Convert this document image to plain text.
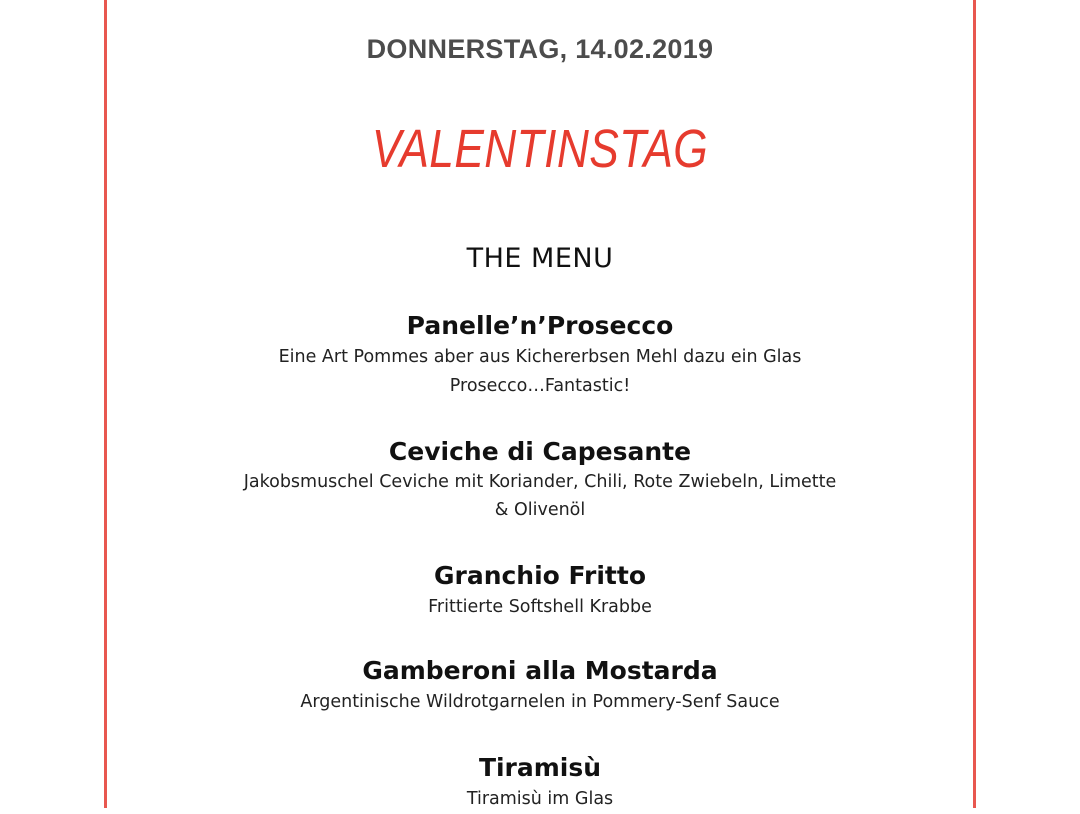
DONNERSTAG, 14.02.2019
VALENTINSTAG
THE MENU
Panelle’n’Prosecco
Eine Art Pommes aber aus Kichererbsen Mehl dazu ein Glas
Prosecco…Fantastic!
Ceviche di Capesante
Jakobsmuschel Ceviche mit Koriander, Chili, Rote Zwiebeln, Limette
& Olivenöl
Granchio Fritto
Frittierte Softshell Krabbe
Gamberoni alla Mostarda
Argentinische Wildrotgarnelen in Pommery-Senf Sauce
Tiramisù
Tiramisù im Glas
